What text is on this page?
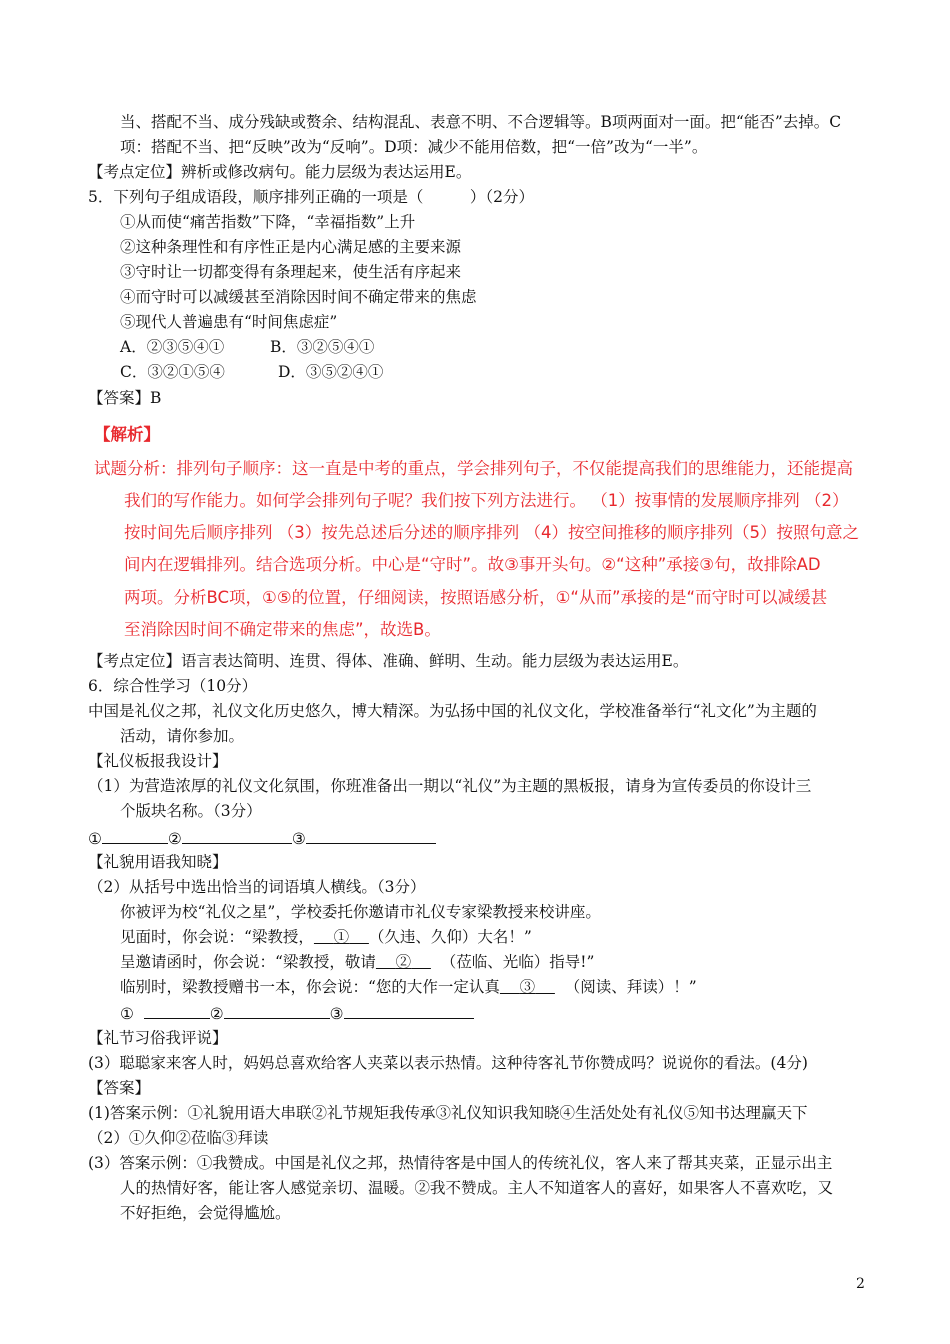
当、搭配不当、成分残缺或赘余、结构混乱、表意不明、不合逻辑等。B项两面对一面。把“能否”去掉。C
项：搭配不当、把“反映”改为“反响”。D项：减少不能用倍数，把“一倍”改为“一半”。
【考点定位】辨析或修改病句。能力层级为表达运用E。
5．下列句子组成语段，顺序排列正确的一项是（　　　）（2分）
①从而使“痛苦指数”下降，“幸福指数”上升
②这种条理性和有序性正是内心满足感的主要来源
③守时让一切都变得有条理起来，使生活有序起来
④而守时可以减缓甚至消除因时间不确定带来的焦虑
⑤现代人普遍患有“时间焦虑症”
A．②③⑤④①	B．③②⑤④①
C．③②①⑤④	D．③⑤②④①
【答案】B
【解析】
试题分析：排列句子顺序：这一直是中考的重点，学会排列句子，不仅能提高我们的思维能力，还能提高
我们的写作能力。如何学会排列句子呢？我们按下列方法进行。 （1）按事情的发展顺序排列 （2）
按时间先后顺序排列 （3）按先总述后分述的顺序排列 （4）按空间推移的顺序排列（5）按照句意之
间内在逻辑排列。结合选项分析。中心是“守时”。故③事开头句。②“这种”承接③句，故排除AD
两项。分析BC项，①⑤的位置，仔细阅读，按照语感分析，①“从而”承接的是“而守时可以减缓甚
至消除因时间不确定带来的焦虑”，故选B。
【考点定位】语言表达简明、连贯、得体、准确、鲜明、生动。能力层级为表达运用E。
6．综合性学习（10分）
中国是礼仪之邦，礼仪文化历史悠久，博大精深。为弘扬中国的礼仪文化，学校准备举行“礼文化”为主题的
活动，请你参加。
【礼仪板报我设计】
（1）为营造浓厚的礼仪文化氛围，你班准备出一期以“礼仪”为主题的黑板报，请身为宣传委员的你设计三
个版块名称。（3分）
①	②	③
【礼貌用语我知晓】
（2）从括号中选出恰当的词语填人横线。（3分）
你被评为校“礼仪之星”，学校委托你邀请市礼仪专家梁教授来校讲座。
见面时，你会说：“梁教授， ① （久违、久仰）大名！”
呈邀请函时，你会说：“梁教授，敬请 ② （莅临、光临）指导!”
临别时，梁教授赠书一本，你会说：“您的大作一定认真 ③ （阅读、拜读）！”
①	②	③
【礼节习俗我评说】
(3）聪聪家来客人时，妈妈总喜欢给客人夹菜以表示热情。这种待客礼节你赞成吗？说说你的看法。(4分)
【答案】
(1)答案示例：①礼貌用语大串联②礼节规矩我传承③礼仪知识我知晓④生活处处有礼仪⑤知书达理赢天下
（2）①久仰②莅临③拜读
(3）答案示例：①我赞成。中国是礼仪之邦，热情待客是中国人的传统礼仪，客人来了帮其夹菜，正显示出主
人的热情好客，能让客人感觉亲切、温暖。②我不赞成。主人不知道客人的喜好，如果客人不喜欢吃，又
不好拒绝，会觉得尴尬。
2
